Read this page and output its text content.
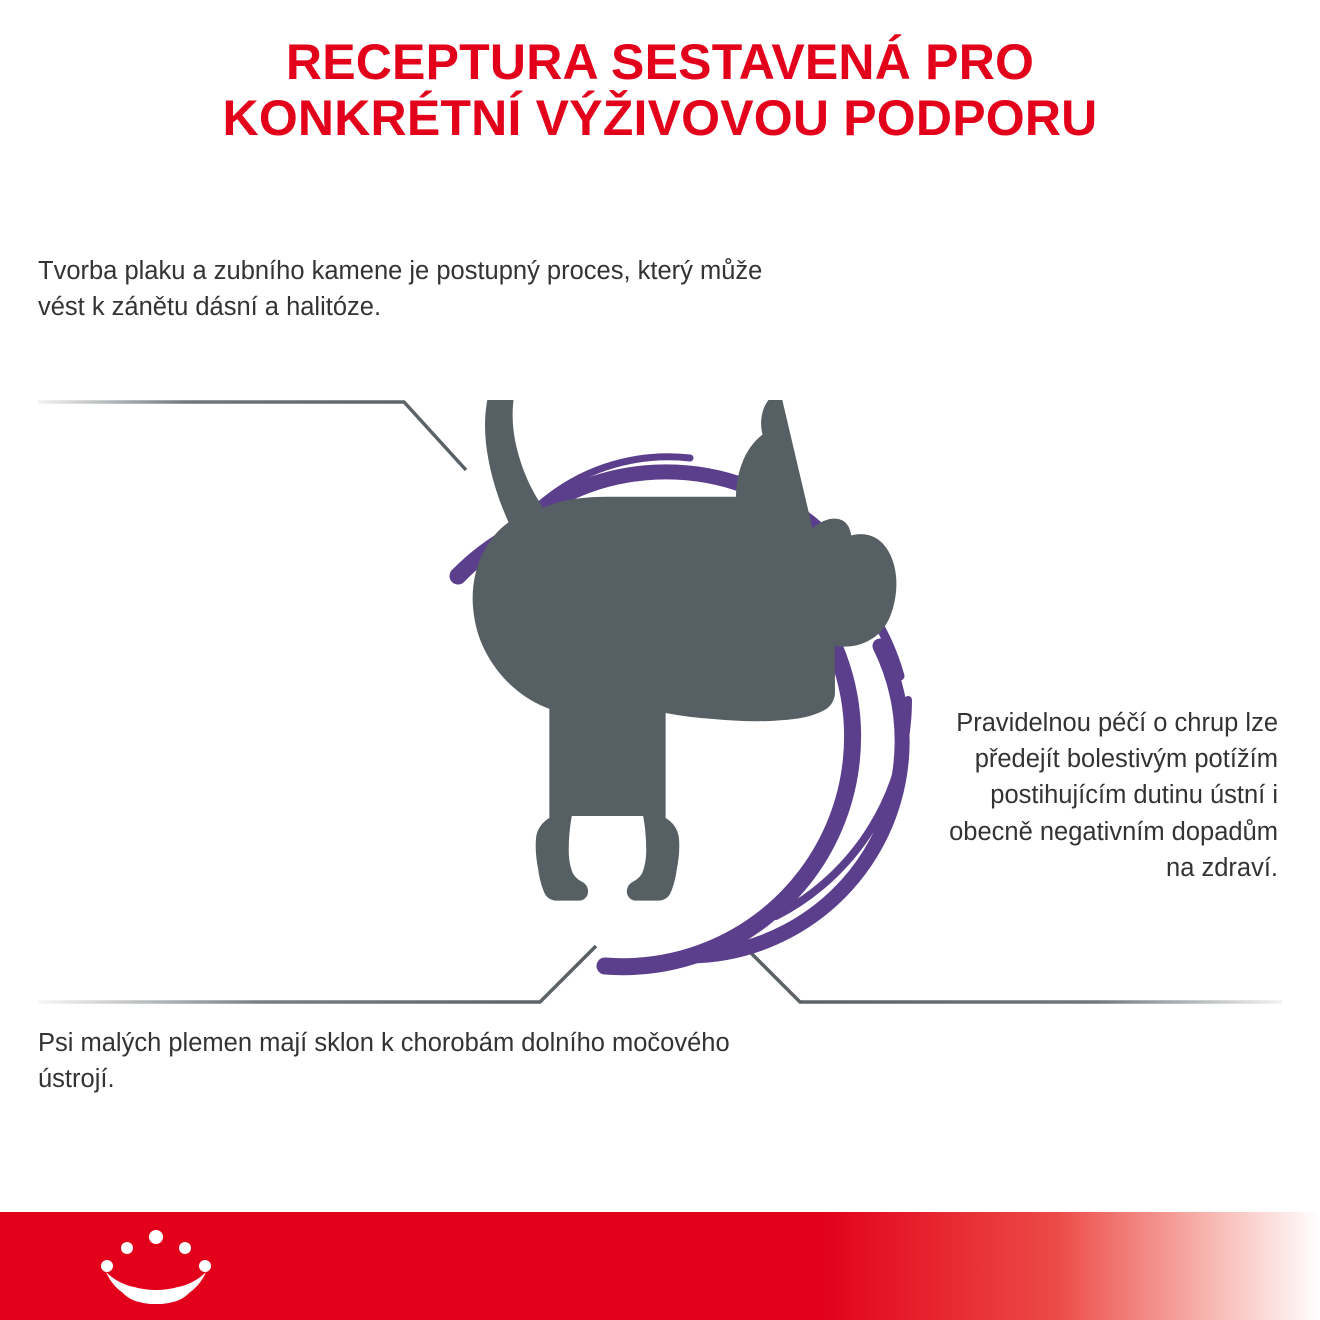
RECEPTURA SESTAVENÁ PRO
KONKRÉTNÍ VÝŽIVOVOU PODPORU
Tvorba plaku a zubního kamene je postupný proces, který může vést k zánětu dásní a halitóze.
Pravidelnou péčí o chrup lze předejít bolestivým potížím postihujícím dutinu ústní i obecně negativním dopadům na zdraví.
Psi malých plemen mají sklon k chorobám dolního močového ústrojí.
